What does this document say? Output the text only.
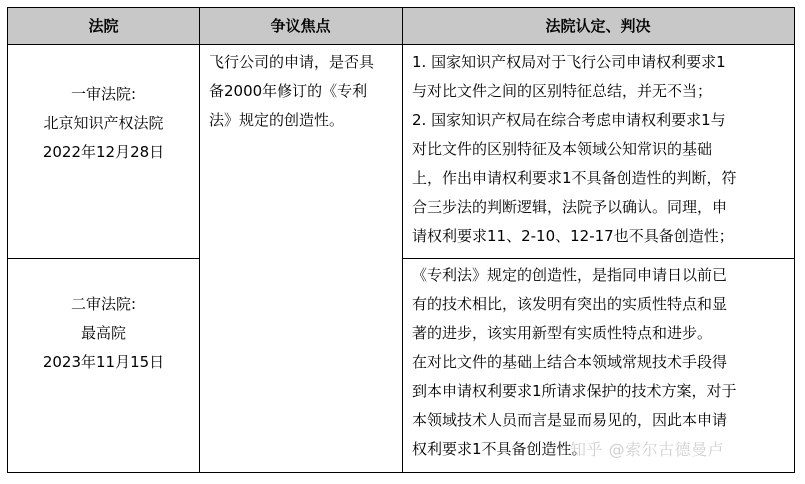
法院	争议焦点	法院认定、判决
一审法院:
北京知识产权法院
2022年12月28日
二审法院:
最高院
2023年11月15日
飞行公司的申请，是否具
备2000年修订的《专利
法》规定的创造性。
1. 国家知识产权局对于飞行公司申请权利要求1
与对比文件之间的区别特征总结，并无不当；
2. 国家知识产权局在综合考虑申请权利要求1与
对比文件的区别特征及本领域公知常识的基础
上，作出申请权利要求1不具备创造性的判断，符
合三步法的判断逻辑，法院予以确认。同理，申
请权利要求11、2-10、12-17也不具备创造性；
《专利法》规定的创造性，是指同申请日以前已
有的技术相比，该发明有突出的实质性特点和显
著的进步，该实用新型有实质性特点和进步。
在对比文件的基础上结合本领域常规技术手段得
到本申请权利要求1所请求保护的技术方案，对于
本领域技术人员而言是显而易见的，因此本申请
权利要求1不具备创造性。
知乎 @索尔古德曼卢
